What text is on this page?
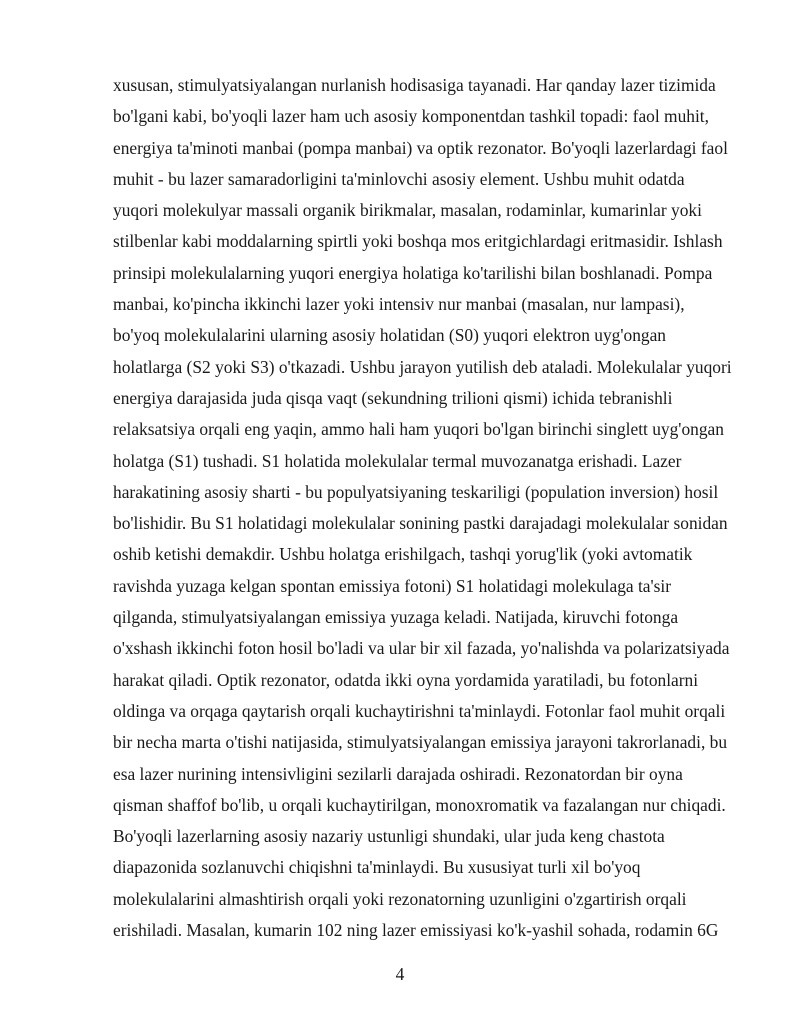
xususan, stimulyatsiyalangan nurlanish hodisasiga tayanadi. Har qanday lazer tizimida
bo'lgani kabi, bo'yoqli lazer ham uch asosiy komponentdan tashkil topadi: faol muhit,
energiya ta'minoti manbai (pompa manbai) va optik rezonator. Bo'yoqli lazerlardagi faol
muhit - bu lazer samaradorligini ta'minlovchi asosiy element. Ushbu muhit odatda
yuqori molekulyar massali organik birikmalar, masalan, rodaminlar, kumarinlar yoki
stilbenlar kabi moddalarning spirtli yoki boshqa mos eritgichlardagi eritmasidir. Ishlash
prinsipi molekulalarning yuqori energiya holatiga ko'tarilishi bilan boshlanadi. Pompa
manbai, ko'pincha ikkinchi lazer yoki intensiv nur manbai (masalan, nur lampasi),
bo'yoq molekulalarini ularning asosiy holatidan (S0) yuqori elektron uyg'ongan
holatlarga (S2 yoki S3) o'tkazadi. Ushbu jarayon yutilish deb ataladi. Molekulalar yuqori
energiya darajasida juda qisqa vaqt (sekundning trilioni qismi) ichida tebranishli
relaksatsiya orqali eng yaqin, ammo hali ham yuqori bo'lgan birinchi singlett uyg'ongan
holatga (S1) tushadi. S1 holatida molekulalar termal muvozanatga erishadi. Lazer
harakatining asosiy sharti - bu populyatsiyaning teskariligi (population inversion) hosil
bo'lishidir. Bu S1 holatidagi molekulalar sonining pastki darajadagi molekulalar sonidan
oshib ketishi demakdir. Ushbu holatga erishilgach, tashqi yorug'lik (yoki avtomatik
ravishda yuzaga kelgan spontan emissiya fotoni) S1 holatidagi molekulaga ta'sir
qilganda, stimulyatsiyalangan emissiya yuzaga keladi. Natijada, kiruvchi fotonga
o'xshash ikkinchi foton hosil bo'ladi va ular bir xil fazada, yo'nalishda va polarizatsiyada
harakat qiladi. Optik rezonator, odatda ikki oyna yordamida yaratiladi, bu fotonlarni
oldinga va orqaga qaytarish orqali kuchaytirishni ta'minlaydi. Fotonlar faol muhit orqali
bir necha marta o'tishi natijasida, stimulyatsiyalangan emissiya jarayoni takrorlanadi, bu
esa lazer nurining intensivligini sezilarli darajada oshiradi. Rezonatordan bir oyna
qisman shaffof bo'lib, u orqali kuchaytirilgan, monoxromatik va fazalangan nur chiqadi.
Bo'yoqli lazerlarning asosiy nazariy ustunligi shundaki, ular juda keng chastota
diapazonida sozlanuvchi chiqishni ta'minlaydi. Bu xususiyat turli xil bo'yoq
molekulalarini almashtirish orqali yoki rezonatorning uzunligini o'zgartirish orqali
erishiladi. Masalan, kumarin 102 ning lazer emissiyasi ko'k-yashil sohada, rodamin 6G
4
